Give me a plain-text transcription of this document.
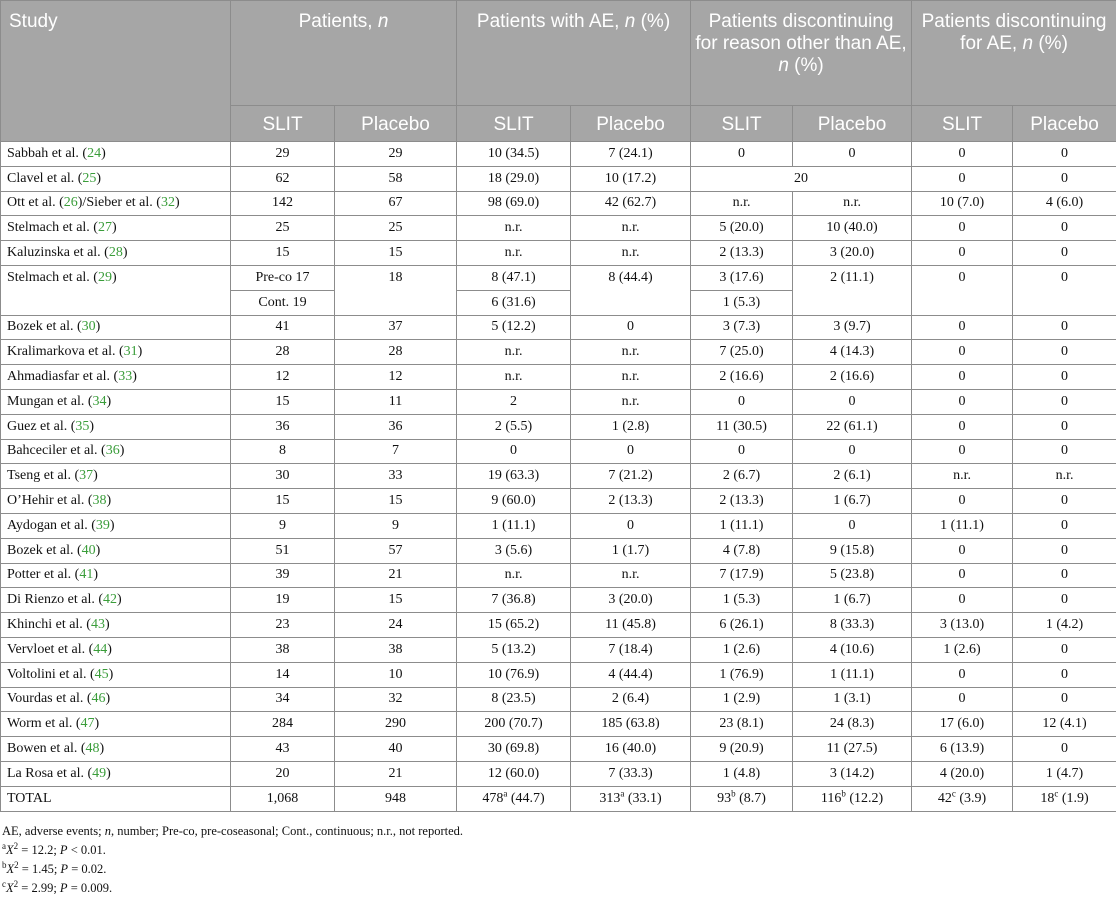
Study	Patients, n		Patients with AE, n (%)		Patients discontinuing for reason other than AE, n (%)		Patients discontinuing for AE, n (%)	
	SLIT	Placebo	SLIT	Placebo	SLIT	Placebo	SLIT	Placebo
Sabbah et al. (24)	29	29	10 (34.5)	7 (24.1)	0	0	0	0
Clavel et al. (25)	62	58	18 (29.0)	10 (17.2)	20		0	0
Ott et al. (26)/Sieber et al. (32)	142	67	98 (69.0)	42 (62.7)	n.r.	n.r.	10 (7.0)	4 (6.0)
Stelmach et al. (27)	25	25	n.r.	n.r.	5 (20.0)	10 (40.0)	0	0
Kaluzinska et al. (28)	15	15	n.r.	n.r.	2 (13.3)	3 (20.0)	0	0
Stelmach et al. (29)	Pre-co 17	18	8 (47.1)	8 (44.4)	3 (17.6)	2 (11.1)	0	0
	Cont. 19		6 (31.6)		1 (5.3)			
Bozek et al. (30)	41	37	5 (12.2)	0	3 (7.3)	3 (9.7)	0	0
Kralimarkova et al. (31)	28	28	n.r.	n.r.	7 (25.0)	4 (14.3)	0	0
Ahmadiasfar et al. (33)	12	12	n.r.	n.r.	2 (16.6)	2 (16.6)	0	0
Mungan et al. (34)	15	11	2	n.r.	0	0	0	0
Guez et al. (35)	36	36	2 (5.5)	1 (2.8)	11 (30.5)	22 (61.1)	0	0
Bahceciler et al. (36)	8	7	0	0	0	0	0	0
Tseng et al. (37)	30	33	19 (63.3)	7 (21.2)	2 (6.7)	2 (6.1)	n.r.	n.r.
O’Hehir et al. (38)	15	15	9 (60.0)	2 (13.3)	2 (13.3)	1 (6.7)	0	0
Aydogan et al. (39)	9	9	1 (11.1)	0	1 (11.1)	0	1 (11.1)	0
Bozek et al. (40)	51	57	3 (5.6)	1 (1.7)	4 (7.8)	9 (15.8)	0	0
Potter et al. (41)	39	21	n.r.	n.r.	7 (17.9)	5 (23.8)	0	0
Di Rienzo et al. (42)	19	15	7 (36.8)	3 (20.0)	1 (5.3)	1 (6.7)	0	0
Khinchi et al. (43)	23	24	15 (65.2)	11 (45.8)	6 (26.1)	8 (33.3)	3 (13.0)	1 (4.2)
Vervloet et al. (44)	38	38	5 (13.2)	7 (18.4)	1 (2.6)	4 (10.6)	1 (2.6)	0
Voltolini et al. (45)	14	10	10 (76.9)	4 (44.4)	1 (76.9)	1 (11.1)	0	0
Vourdas et al. (46)	34	32	8 (23.5)	2 (6.4)	1 (2.9)	1 (3.1)	0	0
Worm et al. (47)	284	290	200 (70.7)	185 (63.8)	23 (8.1)	24 (8.3)	17 (6.0)	12 (4.1)
Bowen et al. (48)	43	40	30 (69.8)	16 (40.0)	9 (20.9)	11 (27.5)	6 (13.9)	0
La Rosa et al. (49)	20	21	12 (60.0)	7 (33.3)	1 (4.8)	3 (14.2)	4 (20.0)	1 (4.7)
TOTAL	1,068	948	478$^a$ (44.7)	313$^a$ (33.1)	93$^b$ (8.7)	116$^b$ (12.2)	42$^c$ (3.9)	18$^c$ (1.9)
AE, adverse events; n, number; Pre-co, pre-coseasonal; Cont., continuous; n.r., not reported.
$^aX^2 = 12.2$; P < 0.01.
$^bX^2 = 1.45$; P = 0.02.
$^cX^2 = 2.99$; P = 0.009.
